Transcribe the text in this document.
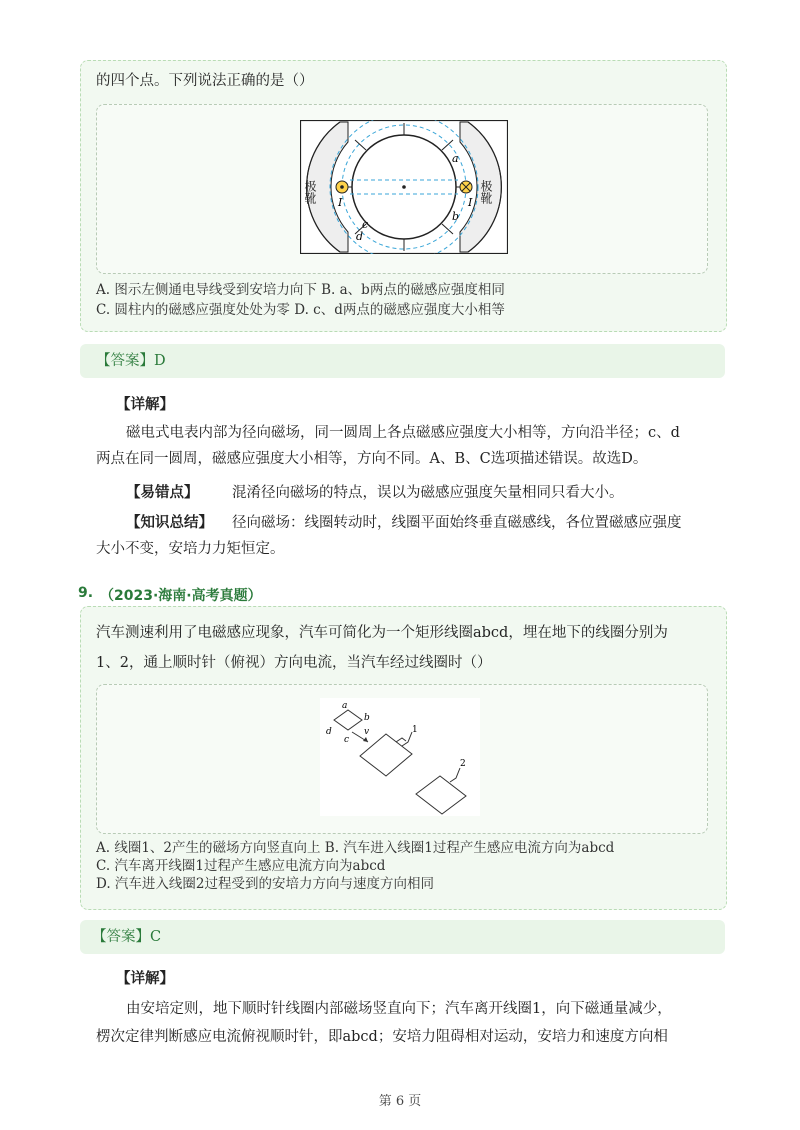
的四个点。下列说法正确的是（）
极靴	极靴
a
b
c
d
I	I
A. 图示左侧通电导线受到安培力向下 B. a、b两点的磁感应强度相同
C. 圆柱内的磁感应强度处处为零 D. c、d两点的磁感应强度大小相等
【答案】D
【详解】
磁电式电表内部为径向磁场，同一圆周上各点磁感应强度大小相等，方向沿半径；c、d
两点在同一圆周，磁感应强度大小相等，方向不同。A、B、C选项描述错误。故选D。
【易错点】 混淆径向磁场的特点，误以为磁感应强度矢量相同只看大小。
【知识总结】 径向磁场：线圈转动时，线圈平面始终垂直磁感线，各位置磁感应强度
大小不变，安培力力矩恒定。
9. （2023·海南·高考真题）
汽车测速利用了电磁感应现象，汽车可简化为一个矩形线圈abcd，埋在地下的线圈分别为
1、2，通上顺时针（俯视）方向电流，当汽车经过线圈时（）
a
b
c
d	v	1
2
A. 线圈1、2产生的磁场方向竖直向上 B. 汽车进入线圈1过程产生感应电流方向为abcd
C. 汽车离开线圈1过程产生感应电流方向为abcd
D. 汽车进入线圈2过程受到的安培力方向与速度方向相同
【答案】C
【详解】
由安培定则，地下顺时针线圈内部磁场竖直向下；汽车离开线圈1，向下磁通量减少，
楞次定律判断感应电流俯视顺时针，即abcd；安培力阻碍相对运动，安培力和速度方向相
第 6 页
